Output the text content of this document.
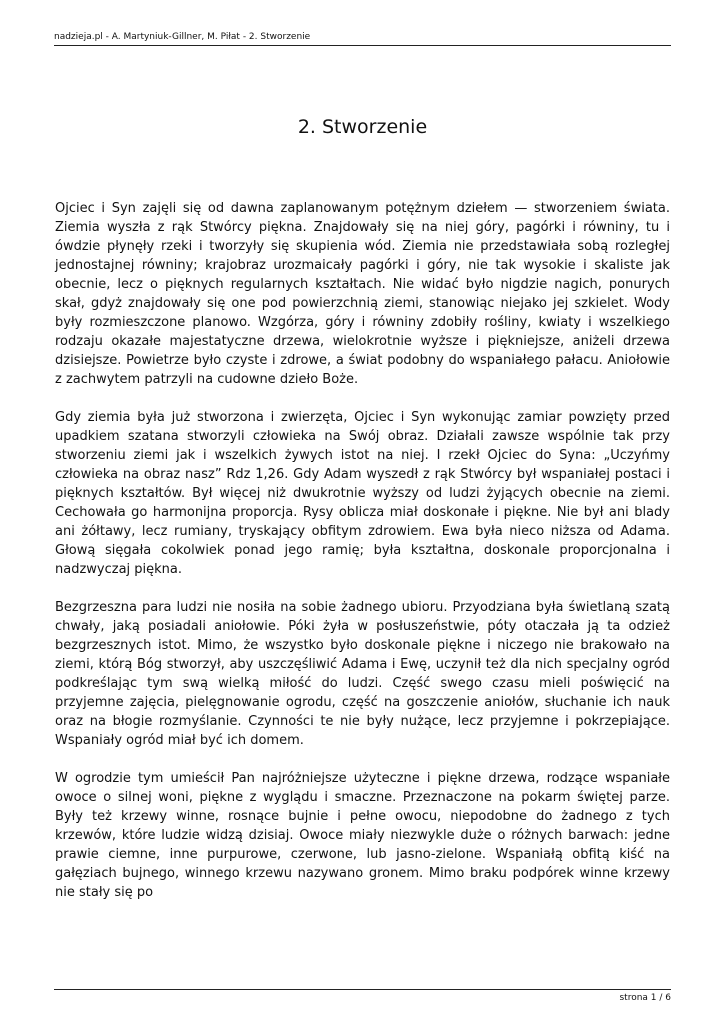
nadzieja.pl - A. Martyniuk-Gillner, M. Piłat - 2. Stworzenie
2. Stworzenie

Ojciec i Syn zajęli się od dawna zaplanowanym potężnym dziełem — stworzeniem świata. Ziemia wyszła z rąk Stwórcy piękna. Znajdowały się na niej góry, pagórki i równiny, tu i ówdzie płynęły rzeki i tworzyły się skupienia wód. Ziemia nie przedstawiała sobą rozległej jednostajnej równiny; krajobraz urozmaicały pagórki i góry, nie tak wysokie i skaliste jak obecnie, lecz o pięknych regularnych kształtach. Nie widać było nigdzie nagich, ponurych skał, gdyż znajdowały się one pod powierzchnią ziemi, stanowiąc niejako jej szkielet. Wody były rozmieszczone planowo. Wzgórza, góry i równiny zdobiły rośliny, kwiaty i wszelkiego rodzaju okazałe majestatyczne drzewa, wielokrotnie wyższe i piękniejsze, aniżeli drzewa dzisiejsze. Powietrze było czyste i zdrowe, a świat podobny do wspaniałego pałacu. Aniołowie z zachwytem patrzyli na cudowne dzieło Boże.

Gdy ziemia była już stworzona i zwierzęta, Ojciec i Syn wykonując zamiar powzięty przed upadkiem szatana stworzyli człowieka na Swój obraz. Działali zawsze wspólnie tak przy stworzeniu ziemi jak i wszelkich żywych istot na niej. I rzekł Ojciec do Syna: „Uczyńmy człowieka na obraz nasz” Rdz 1,26. Gdy Adam wyszedł z rąk Stwórcy był wspaniałej postaci i pięknych kształtów. Był więcej niż dwukrotnie wyższy od ludzi żyjących obecnie na ziemi. Cechowała go harmonijna proporcja. Rysy oblicza miał doskonałe i piękne. Nie był ani blady ani żółtawy, lecz rumiany, tryskający obfitym zdrowiem. Ewa była nieco niższa od Adama. Głową sięgała cokolwiek ponad jego ramię; była kształtna, doskonale proporcjonalna i nadzwyczaj piękna.

Bezgrzeszna para ludzi nie nosiła na sobie żadnego ubioru. Przyodziana była świetlaną szatą chwały, jaką posiadali aniołowie. Póki żyła w posłuszeństwie, póty otaczała ją ta odzież bezgrzesznych istot. Mimo, że wszystko było doskonale piękne i niczego nie brakowało na ziemi, którą Bóg stworzył, aby uszczęśliwić Adama i Ewę, uczynił też dla nich specjalny ogród podkreślając tym swą wielką miłość do ludzi. Część swego czasu mieli poświęcić na przyjemne zajęcia, pielęgnowanie ogrodu, część na goszczenie aniołów, słuchanie ich nauk oraz na błogie rozmyślanie. Czynności te nie były nużące, lecz przyjemne i pokrzepiające. Wspaniały ogród miał być ich domem.

W ogrodzie tym umieścił Pan najróżniejsze użyteczne i piękne drzewa, rodzące wspaniałe owoce o silnej woni, piękne z wyglądu i smaczne. Przeznaczone na pokarm świętej parze. Były też krzewy winne, rosnące bujnie i pełne owocu, niepodobne do żadnego z tych krzewów, które ludzie widzą dzisiaj. Owoce miały niezwykle duże o różnych barwach: jedne prawie ciemne, inne purpurowe, czerwone, lub jasno-zielone. Wspaniałą obfitą kiść na gałęziach bujnego, winnego krzewu nazywano gronem. Mimo braku podpórek winne krzewy nie stały się po

strona 1 / 6
